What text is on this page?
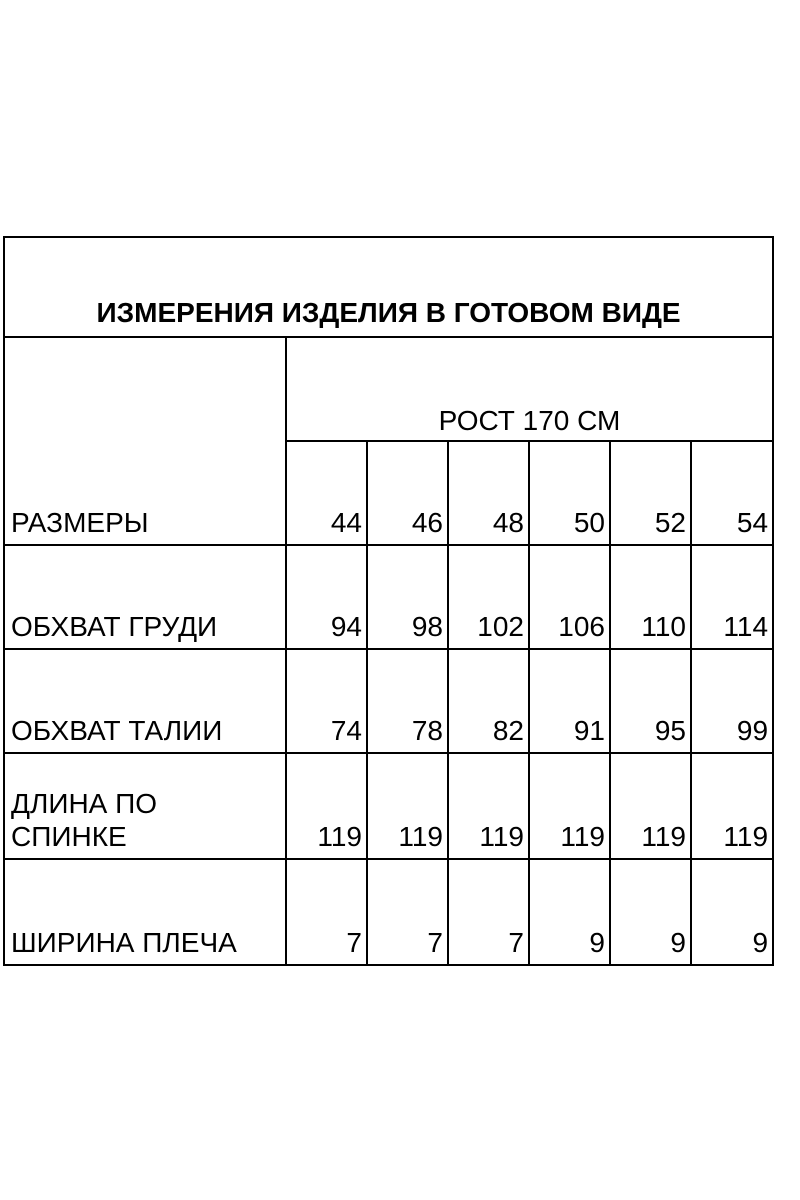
ИЗМЕРЕНИЯ ИЗДЕЛИЯ В ГОТОВОМ ВИДЕ						
	РОСТ 170 СМ					
РАЗМЕРЫ	44	46	48	50	52	54
ОБХВАТ ГРУДИ	94	98	102	106	110	114
ОБХВАТ ТАЛИИ	74	78	82	91	95	99
ДЛИНА ПО
СПИНКЕ	119	119	119	119	119	119
ШИРИНА ПЛЕЧА	7	7	7	9	9	9
